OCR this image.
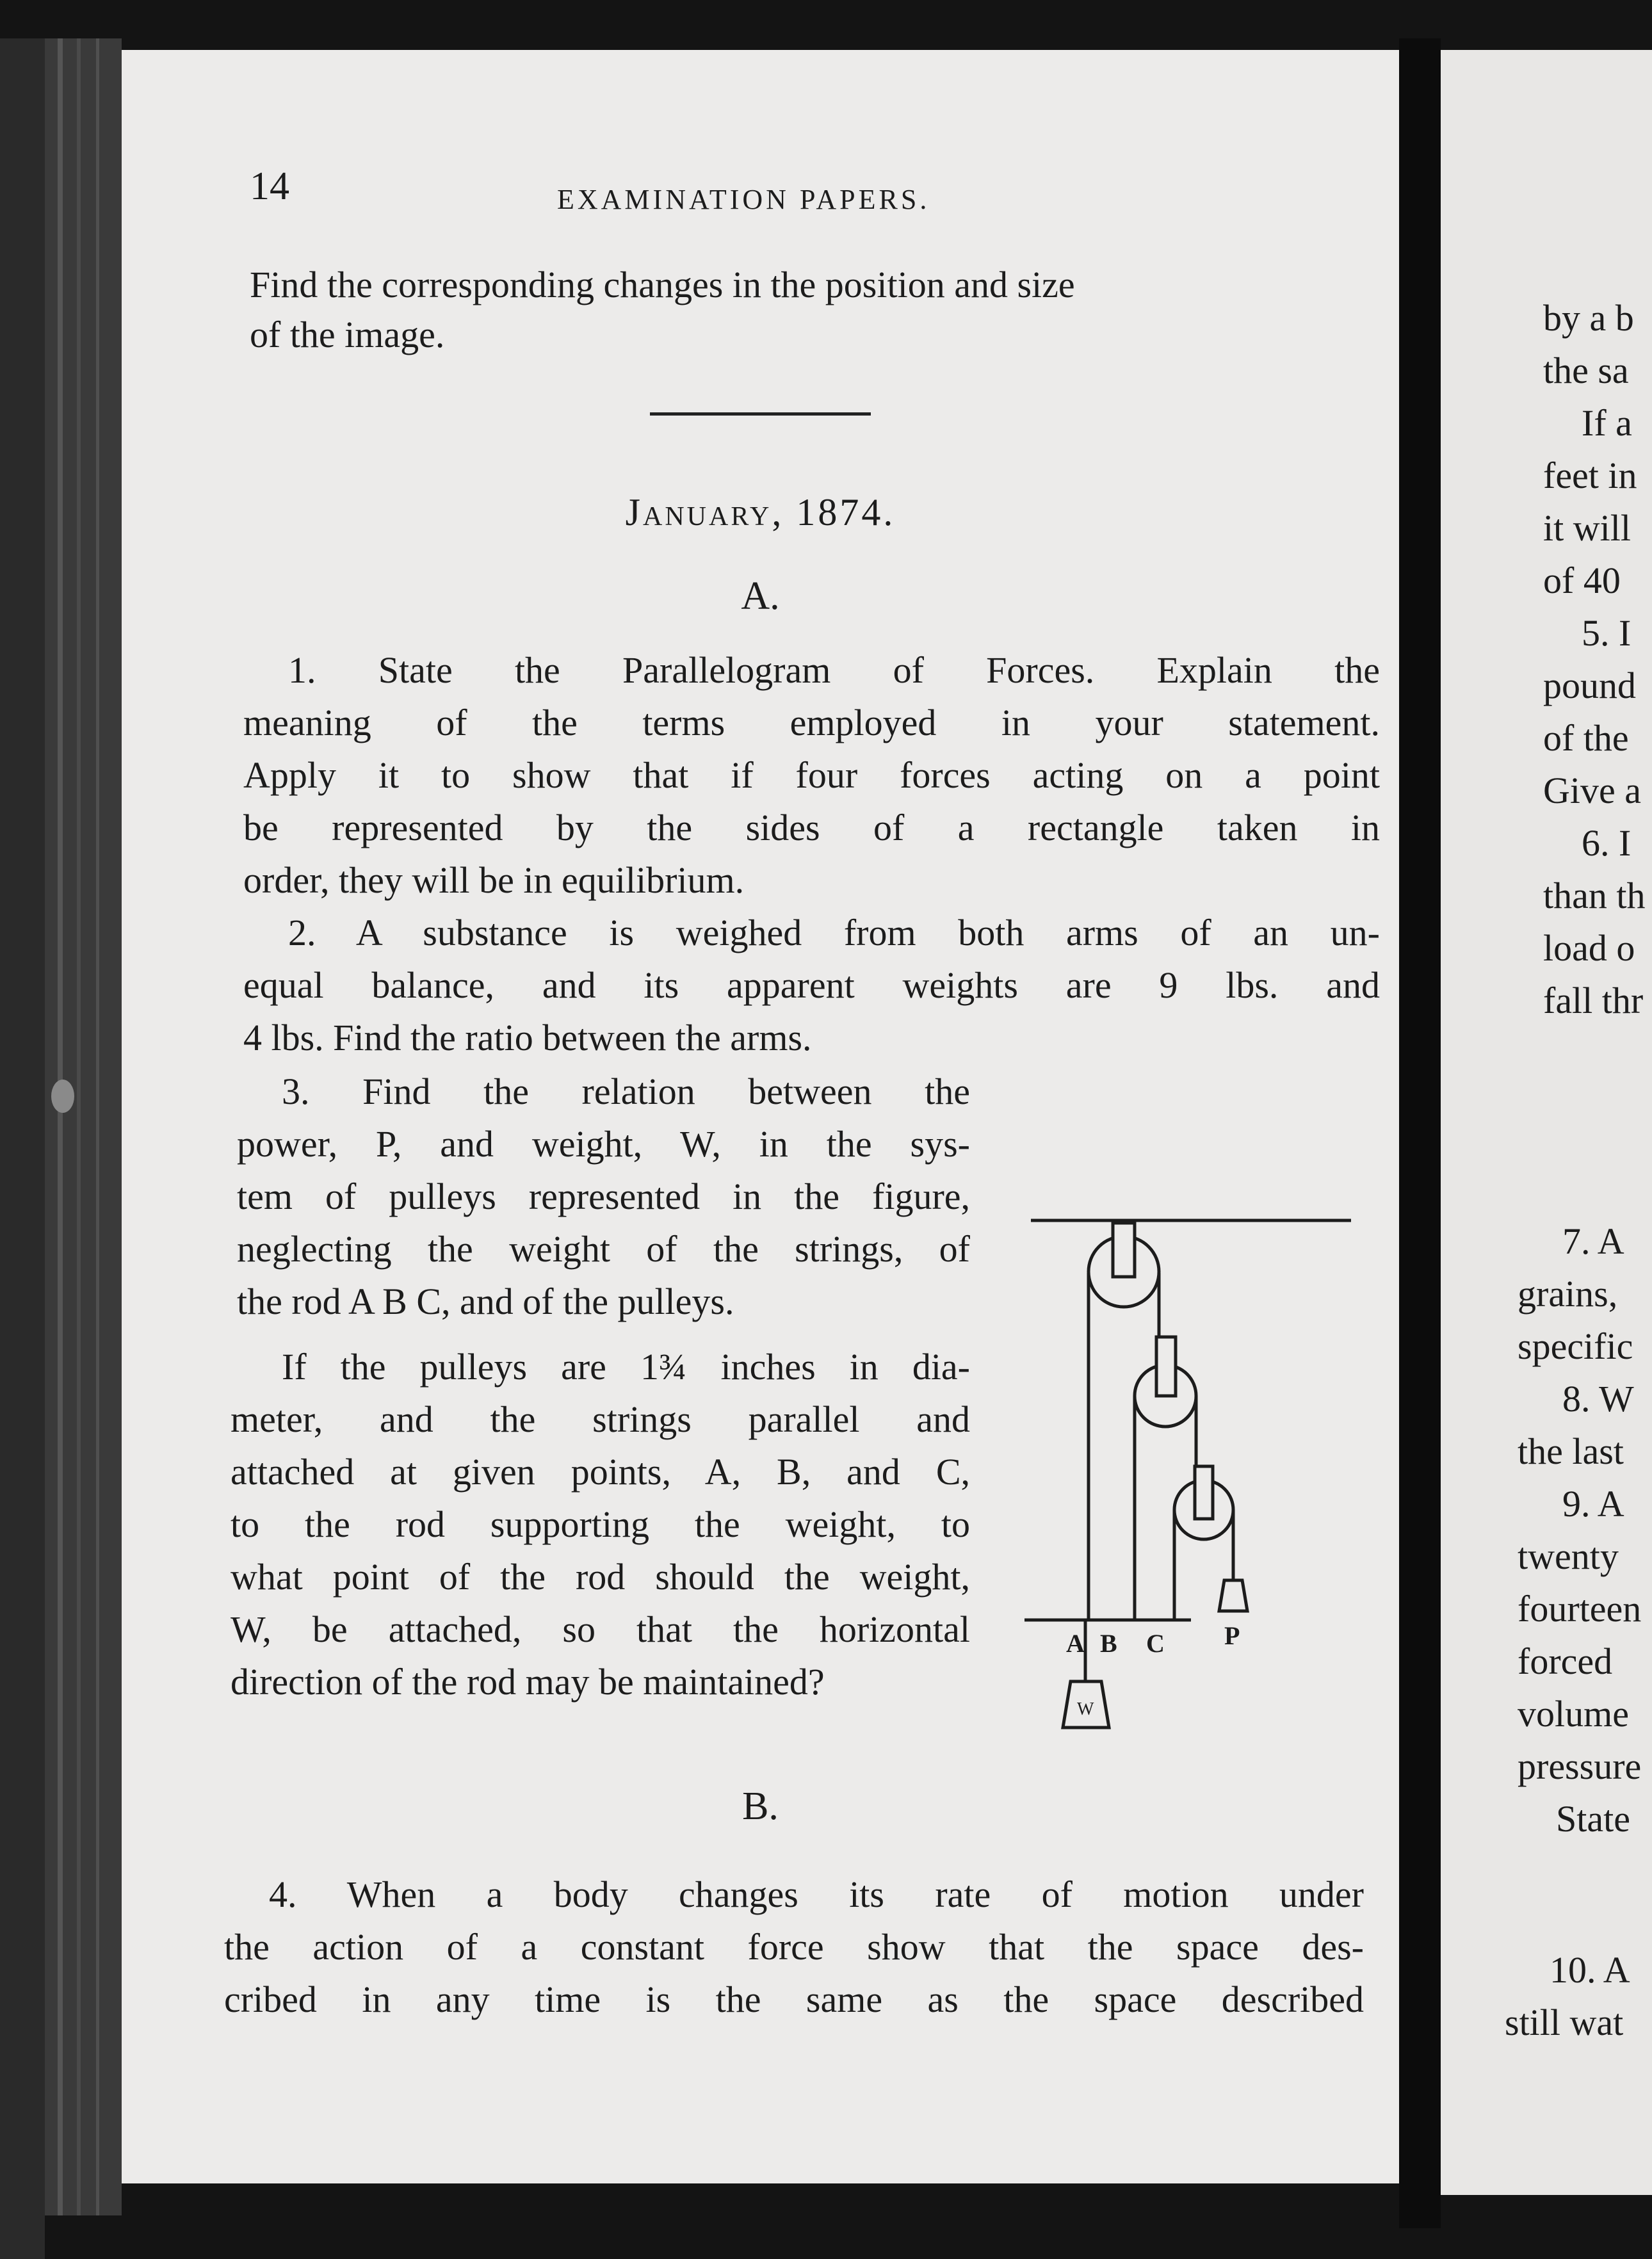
14	EXAMINATION PAPERS.
Find the corresponding changes in the position and size
of the image.
January, 1874.
A.
1. State the Parallelogram of Forces. Explain the
meaning of the terms employed in your statement.
Apply it to show that if four forces acting on a point
be represented by the sides of a rectangle taken in
order, they will be in equilibrium.
2. A substance is weighed from both arms of an un-
equal balance, and its apparent weights are 9 lbs. and
4 lbs. Find the ratio between the arms.
3. Find the relation between the
power, P, and weight, W, in the sys-
tem of pulleys represented in the figure,
neglecting the weight of the strings, of
the rod A B C, and of the pulleys.
If the pulleys are 1¾ inches in dia-
meter, and the strings parallel and
attached at given points, A, B, and C,
to the rod supporting the weight, to
what point of the rod should the weight,
W, be attached, so that the horizontal
direction of the rod may be maintained?
A B C P
W
B.
4. When a body changes its rate of motion under
the action of a constant force show that the space des-
cribed in any time is the same as the space described
by a b
the sa
If a
feet in
it will
of 40
5. I
pound
of the
Give a
6. I
than th
load o
fall thr
7. A
grains,
specific
8. W
the last
9. A
twenty
fourteen
forced
volume
pressure
State
10. A
still wat
